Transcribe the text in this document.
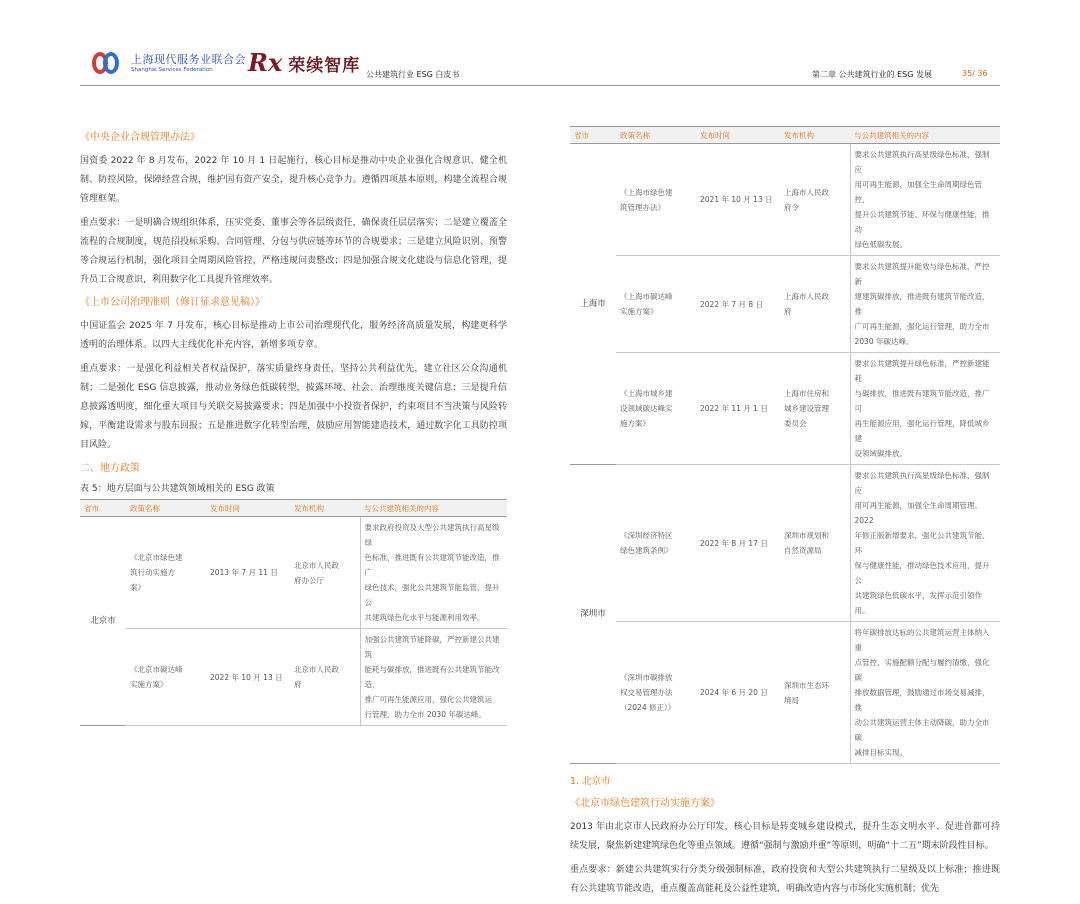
上海现代服务业联合会
Shanghai Services Federation	Rx 荣续智库 公共建筑行业 ESG 白皮书	第二章 公共建筑行业的 ESG 发展	35/ 36
《中央企业合规管理办法》

国资委 2022 年 8 月发布，2022 年 10 月 1 日起施行，核心目标是推动中央企业强化合规意识、健全机制、防控风险，保障经营合规，维护国有资产安全，提升核心竞争力。遵循四项基本原则，构建全流程合规管理框架。

重点要求：一是明确合规组织体系，压实党委、董事会等各层级责任，确保责任层层落实；二是建立覆盖全流程的合规制度，规范招投标采购、合同管理、分包与供应链等环节的合规要求；三是建立风险识别、预警等合规运行机制，强化项目全周期风险管控，严格违规问责整改；四是加强合规文化建设与信息化管理，提升员工合规意识，利用数字化工具提升管理效率。

《上市公司治理准则（修订征求意见稿）》

中国证监会 2025 年 7 月发布，核心目标是推动上市公司治理现代化，服务经济高质量发展，构建更科学透明的治理体系。以四大主线优化补充内容，新增多项专章。

重点要求：一是强化利益相关者权益保护，落实质量终身责任，坚持公共利益优先，建立社区公众沟通机制；二是强化 ESG 信息披露，推动业务绿色低碳转型，披露环境、社会、治理维度关键信息；三是提升信息披露透明度，细化重大项目与关联交易披露要求；四是加强中小投资者保护，约束项目不当决策与风险转嫁，平衡建设需求与股东回报；五是推进数字化转型治理，鼓励应用智能建造技术，通过数字化工具防控项目风险。

二、地方政策
表 5：地方层面与公共建筑领域相关的 ESG 政策
省市	政策名称	发布时间	发布机构	与公共建筑相关的内容
北京市	《北京市绿色建
筑行动实施方
案》	2013 年 7 月 11 日	北京市人民政
府办公厅	要求政府投资及大型公共建筑执行高星级绿
色标准，推进既有公共建筑节能改造，推广
绿色技术，强化公共建筑节能监管，提升公
共建筑绿色化水平与能源利用效率。

	《北京市碳达峰
实施方案》	2022 年 10 月 13 日	北京市人民政
府	加强公共建筑节能降碳，严控新建公共建筑
能耗与碳排放，推进既有公共建筑节能改造，
推广可再生能源应用，强化公共建筑运
行管理，助力全市 2030 年碳达峰。
省市	政策名称	发布时间	发布机构	与公共建筑相关的内容
上海市	《上海市绿色建
筑管理办法》	2021 年 10 月 13 日	上海市人民政
府令	要求公共建筑执行高星级绿色标准，强制应
用可再生能源，加强全生命周期绿色管控，
提升公共建筑节能、环保与健康性能，推动
绿色低碳发展。

	《上海市碳达峰
实施方案》	2022 年 7 月 8 日	上海市人民政
府	要求公共建筑提升能效与绿色标准，严控新
建建筑碳排放，推进既有建筑节能改造，推
广可再生能源，强化运行管理，助力全市
2030 年碳达峰。

	《上海市城乡建
设领域碳达峰实
施方案》	2022 年 11 月 1 日	上海市住房和
城乡建设管理
委员会	要求公共建筑提升绿色标准，严控新建能耗
与碳排放，推进既有建筑节能改造，推广可
再生能源应用，强化运行管理，降低城乡建
设领域碳排放。

深圳市	《深圳经济特区
绿色建筑条例》	2022 年 8 月 17 日	深圳市规划和
自然资源局	要求公共建筑执行高星级绿色标准，强制应
用可再生能源，加强全生命周期管理。2022
年修正版新增要求，强化公共建筑节能、环
保与健康性能，推动绿色技术应用，提升公
共建筑绿色低碳水平，发挥示范引领作用。

	《深圳市碳排放
权交易管理办法
（2024 修正）》	2024 年 6 月 20 日	深圳市生态环
境局	将年碳排放达标的公共建筑运营主体纳入重
点管控，实施配额分配与履约清缴，强化碳
排放数据管理，鼓励通过市场交易减排，推
动公共建筑运营主体主动降碳，助力全市碳
减排目标实现。
1. 北京市
《北京市绿色建筑行动实施方案》

2013 年由北京市人民政府办公厅印发，核心目标是转变城乡建设模式，提升生态文明水平、促进首都可持续发展，聚焦新建建筑绿色化等重点领域。遵循“强制与激励并重”等原则，明确“十二五”期末阶段性目标。

重点要求：新建公共建筑实行分类分级强制标准，政府投资和大型公共建筑执行二星级及以上标准；推进既有公共建筑节能改造，重点覆盖高能耗及公益性建筑，明确改造内容与市场化实施机制；优先
